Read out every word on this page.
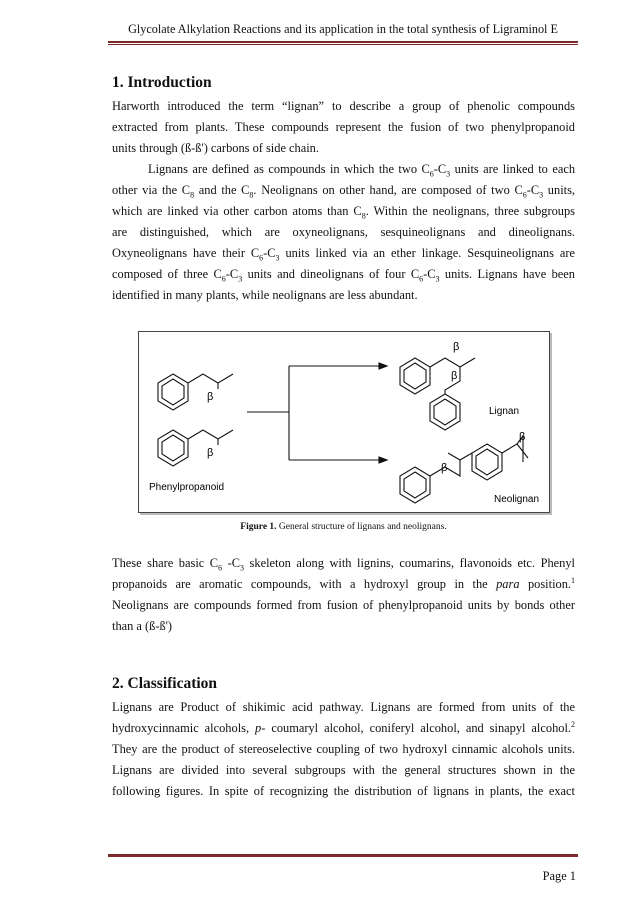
Glycolate Alkylation Reactions and its application in the total synthesis of Ligraminol E
1. Introduction
Harworth introduced the term “lignan” to describe a group of phenolic compounds
extracted from plants. These compounds represent the fusion of two phenylpropanoid
units through (ß-ß') carbons of side chain.
Lignans are defined as compounds in which the two $C_6-C_3$ units are linked to each
other via the $C_8$ and the $C_8$. Neolignans on other hand, are composed of two $C_6-C_3$ units,
which are linked via other carbon atoms than $C_8$. Within the neolignans, three subgroups
are distinguished, which are oxyneolignans, sesquineolignans and dineolignans.
Oxyneolignans have their $C_6-C_3$ units linked via an ether linkage. Sesquineolignans are
composed of three $C_6-C_3$ units and dineolignans of four $C_6-C_3$ units. Lignans have been
identified in many plants, while neolignans are less abundant.
β
β
β
β
β
β
Phenylpropanoid
Lignan
Neolignan
Figure 1. General structure of lignans and neolignans.
These share basic $C_6$ $-C_3$ skeleton along with lignins, coumarins, flavonoids etc. Phenyl
propanoids are aromatic compounds, with a hydroxyl group in the para position.$^1$
Neolignans are compounds formed from fusion of phenylpropanoid units by bonds other
than a (ß-ß')
2. Classification
Lignans are Product of shikimic acid pathway. Lignans are formed from units of the
hydroxycinnamic alcohols, p- coumaryl alcohol, coniferyl alcohol, and sinapyl alcohol.$^2$
They are the product of stereoselective coupling of two hydroxyl cinnamic alcohols units.
Lignans are divided into several subgroups with the general structures shown in the
following figures. In spite of recognizing the distribution of lignans in plants, the exact
Page 1
